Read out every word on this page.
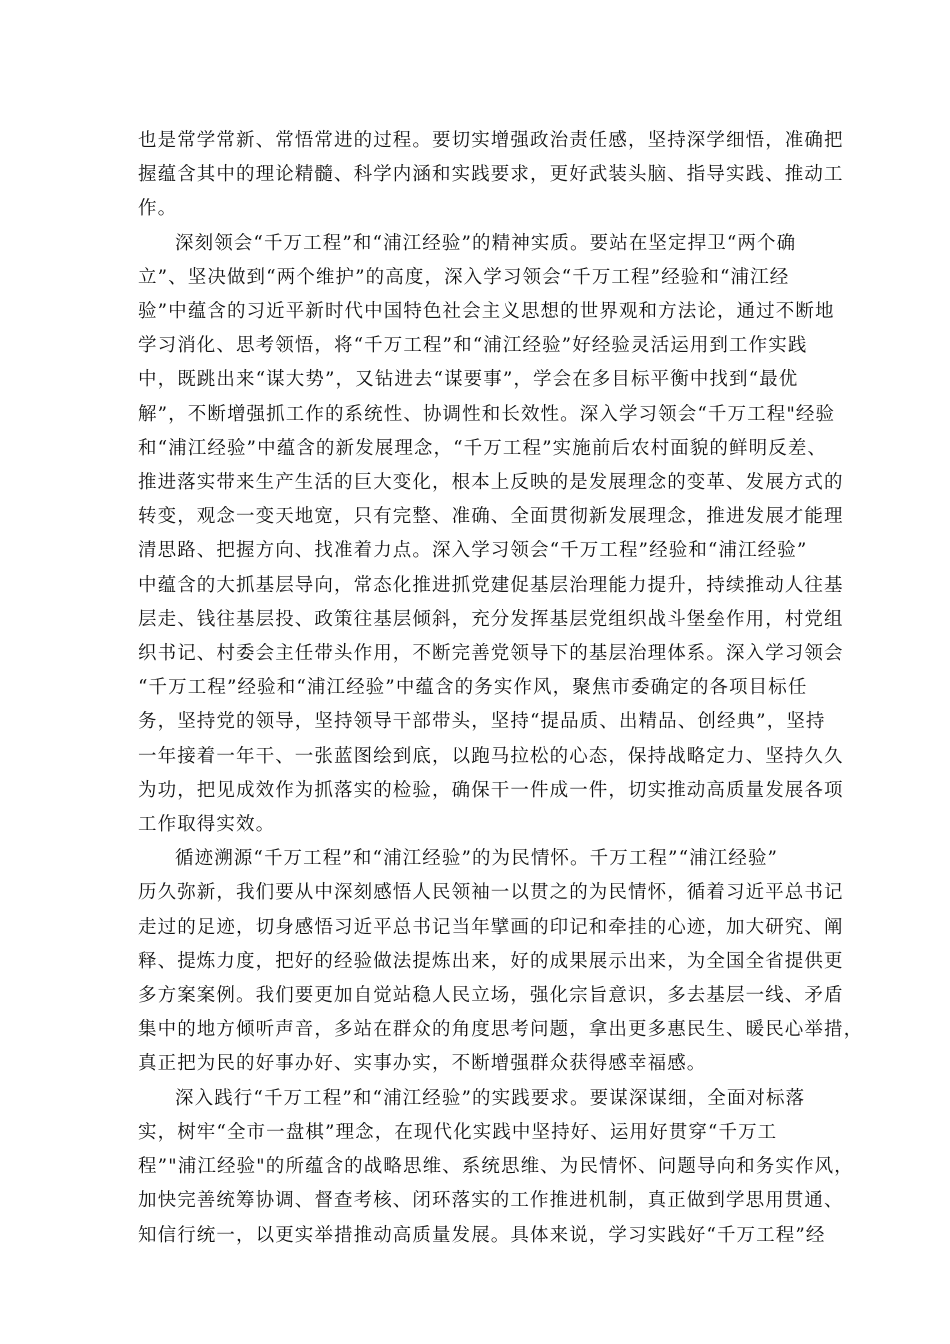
也是常学常新、常悟常进的过程。要切实增强政治责任感，坚持深学细悟，准确把
握蕴含其中的理论精髓、科学内涵和实践要求，更好武装头脑、指导实践、推动工
作。
深刻领会“千万工程”和“浦江经验”的精神实质。要站在坚定捍卫“两个确
立”、坚决做到“两个维护”的高度，深入学习领会“千万工程”经验和“浦江经
验”中蕴含的习近平新时代中国特色社会主义思想的世界观和方法论，通过不断地
学习消化、思考领悟，将“千万工程”和“浦江经验”好经验灵活运用到工作实践
中，既跳出来“谋大势”，又钻进去“谋要事”，学会在多目标平衡中找到“最优
解”，不断增强抓工作的系统性、协调性和长效性。深入学习领会“千万工程"经验
和“浦江经验”中蕴含的新发展理念，“千万工程”实施前后农村面貌的鲜明反差、
推进落实带来生产生活的巨大变化，根本上反映的是发展理念的变革、发展方式的
转变，观念一变天地宽，只有完整、准确、全面贯彻新发展理念，推进发展才能理
清思路、把握方向、找准着力点。深入学习领会“千万工程”经验和“浦江经验”
中蕴含的大抓基层导向，常态化推进抓党建促基层治理能力提升，持续推动人往基
层走、钱往基层投、政策往基层倾斜，充分发挥基层党组织战斗堡垒作用，村党组
织书记、村委会主任带头作用，不断完善党领导下的基层治理体系。深入学习领会
“千万工程”经验和“浦江经验”中蕴含的务实作风，聚焦市委确定的各项目标任
务，坚持党的领导，坚持领导干部带头，坚持“提品质、出精品、创经典”，坚持
一年接着一年干、一张蓝图绘到底，以跑马拉松的心态，保持战略定力、坚持久久
为功，把见成效作为抓落实的检验，确保干一件成一件，切实推动高质量发展各项
工作取得实效。
循迹溯源“千万工程”和“浦江经验”的为民情怀。千万工程”“浦江经验”
历久弥新，我们要从中深刻感悟人民领袖一以贯之的为民情怀，循着习近平总书记
走过的足迹，切身感悟习近平总书记当年擘画的印记和牵挂的心迹，加大研究、阐
释、提炼力度，把好的经验做法提炼出来，好的成果展示出来，为全国全省提供更
多方案案例。我们要更加自觉站稳人民立场，强化宗旨意识，多去基层一线、矛盾
集中的地方倾听声音，多站在群众的角度思考问题，拿出更多惠民生、暖民心举措，
真正把为民的好事办好、实事办实，不断增强群众获得感幸福感。
深入践行“千万工程”和“浦江经验”的实践要求。要谋深谋细，全面对标落
实，树牢“全市一盘棋”理念，在现代化实践中坚持好、运用好贯穿“千万工
程”"浦江经验"的所蕴含的战略思维、系统思维、为民情怀、问题导向和务实作风，
加快完善统筹协调、督查考核、闭环落实的工作推进机制，真正做到学思用贯通、
知信行统一，以更实举措推动高质量发展。具体来说，学习实践好“千万工程”经
